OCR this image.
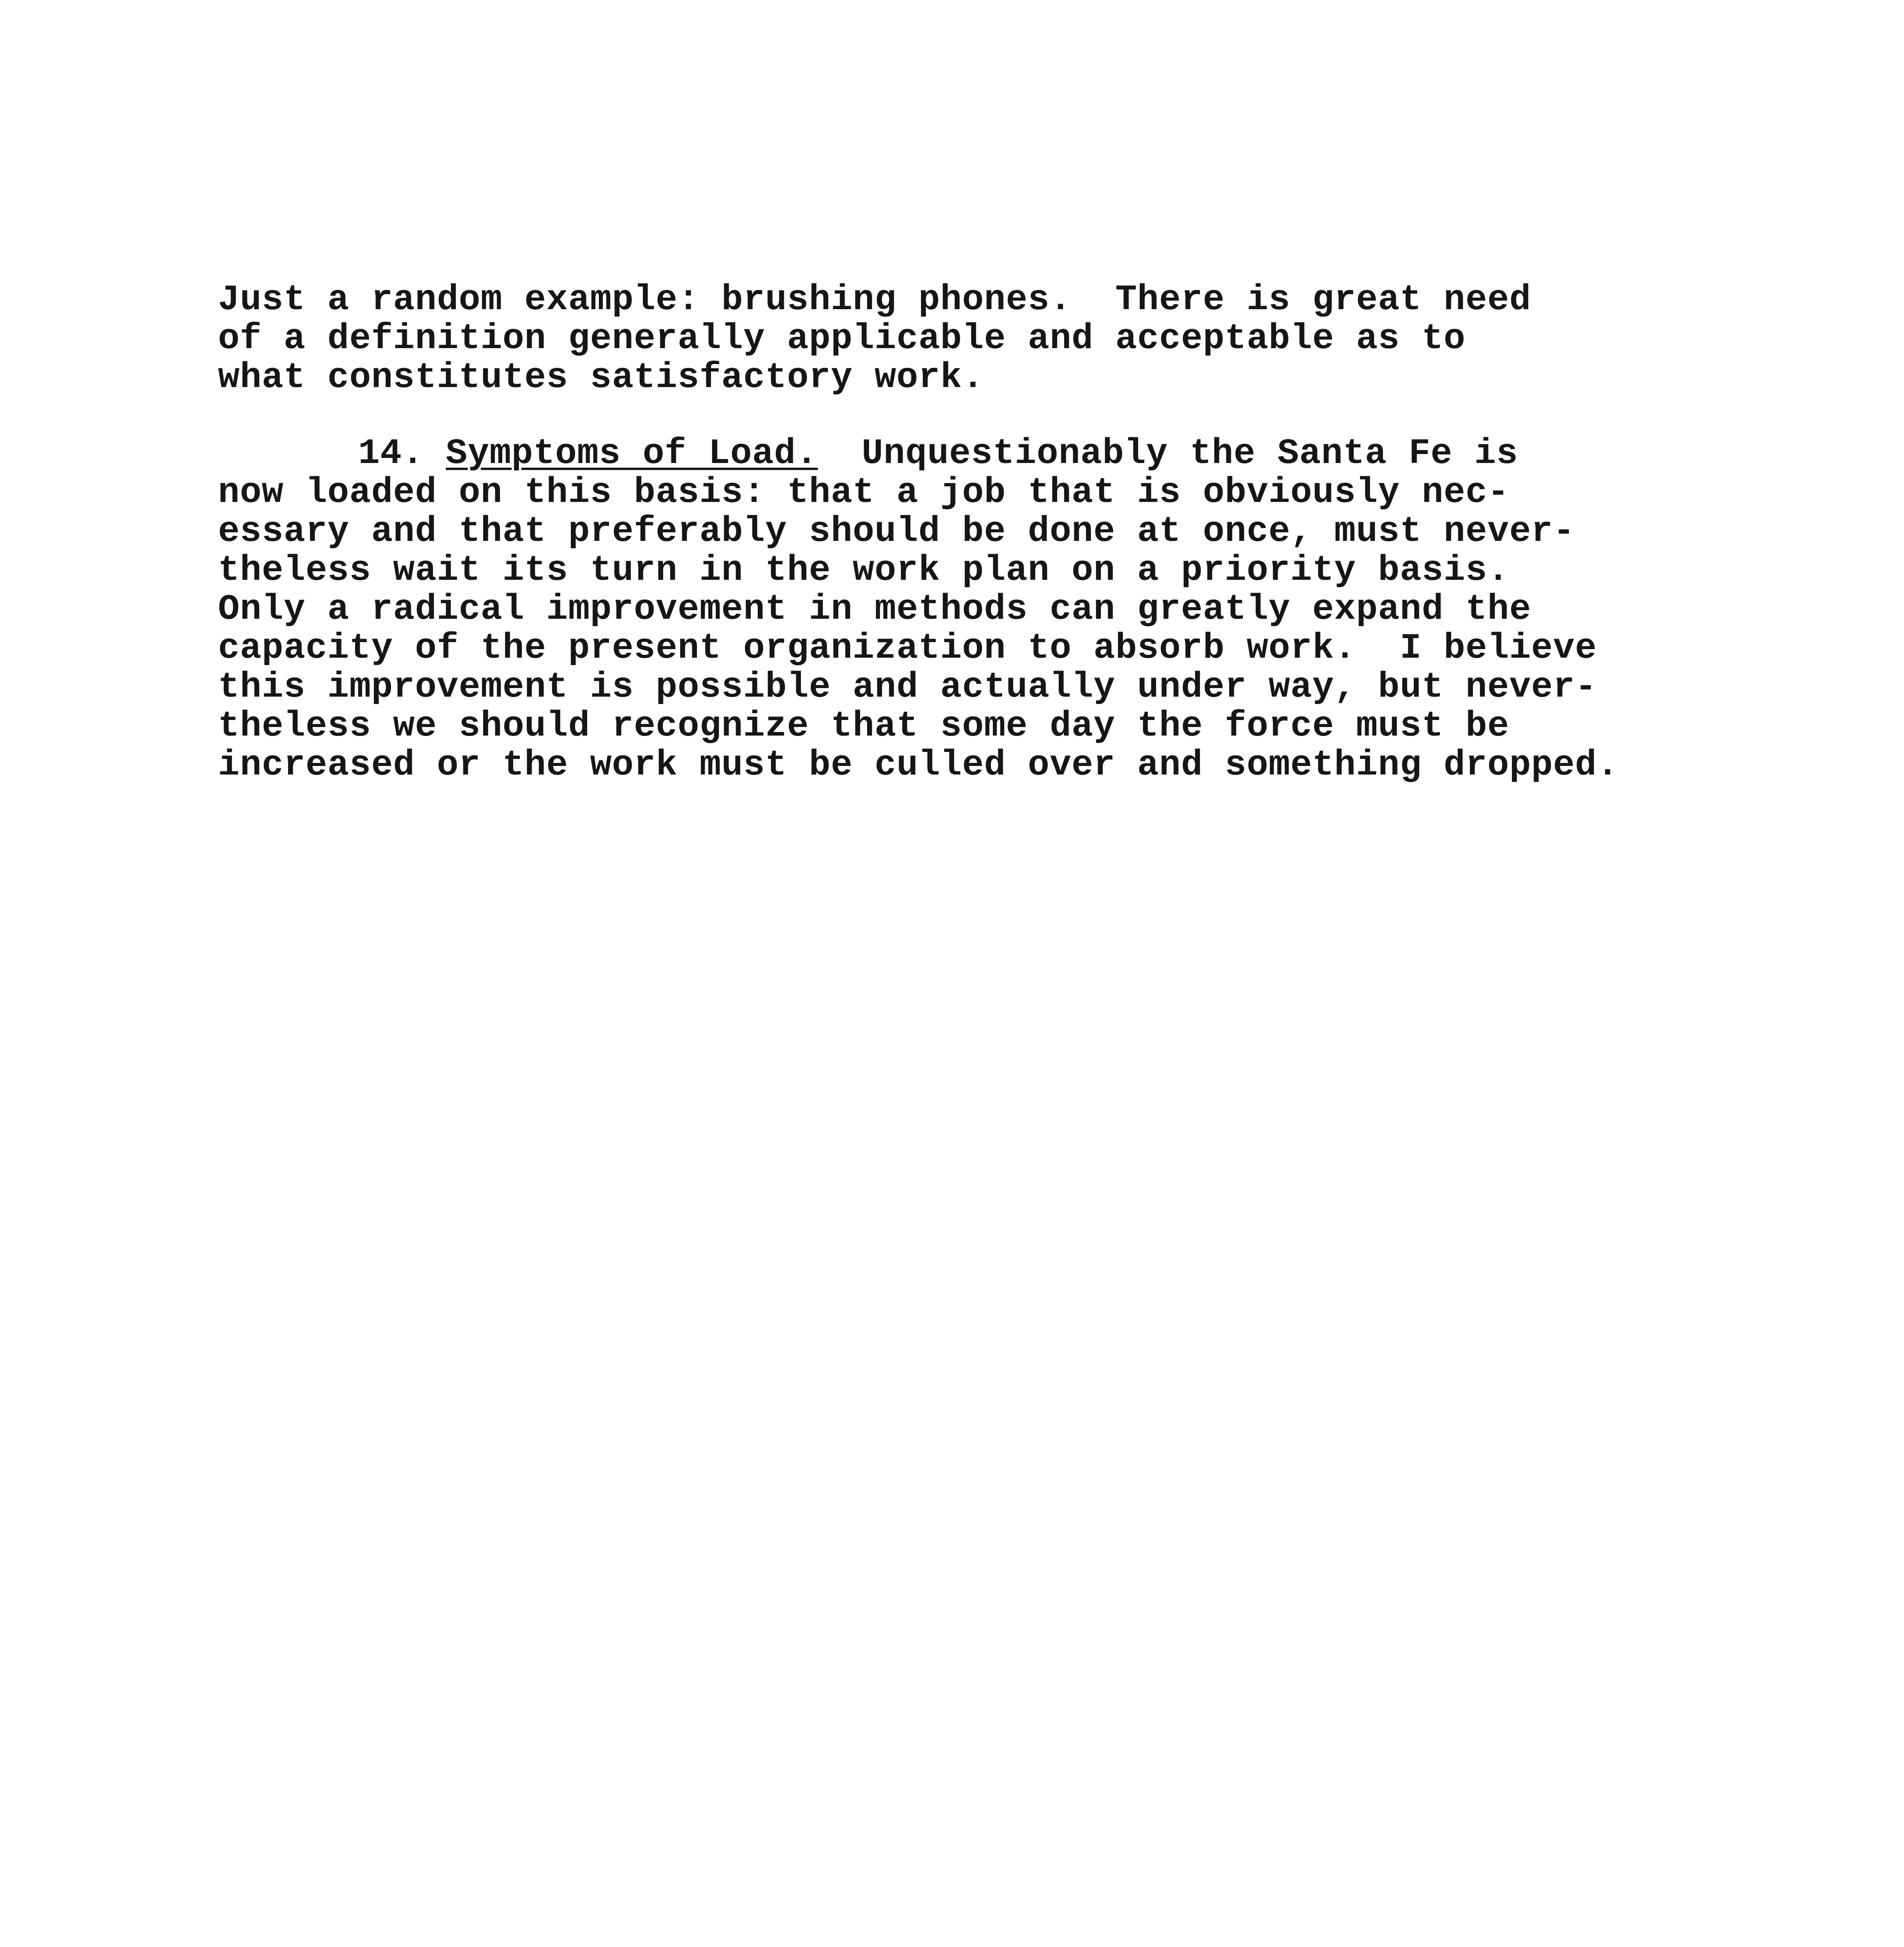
Just a random example: brushing phones.  There is great need
of a definition generally applicable and acceptable as to
what constitutes satisfactory work.
14. Symptoms of Load.  Unquestionably the Santa Fe is
now loaded on this basis: that a job that is obviously nec-
essary and that preferably should be done at once, must never-
theless wait its turn in the work plan on a priority basis.
Only a radical improvement in methods can greatly expand the
capacity of the present organization to absorb work.  I believe
this improvement is possible and actually under way, but never-
theless we should recognize that some day the force must be
increased or the work must be culled over and something dropped.
